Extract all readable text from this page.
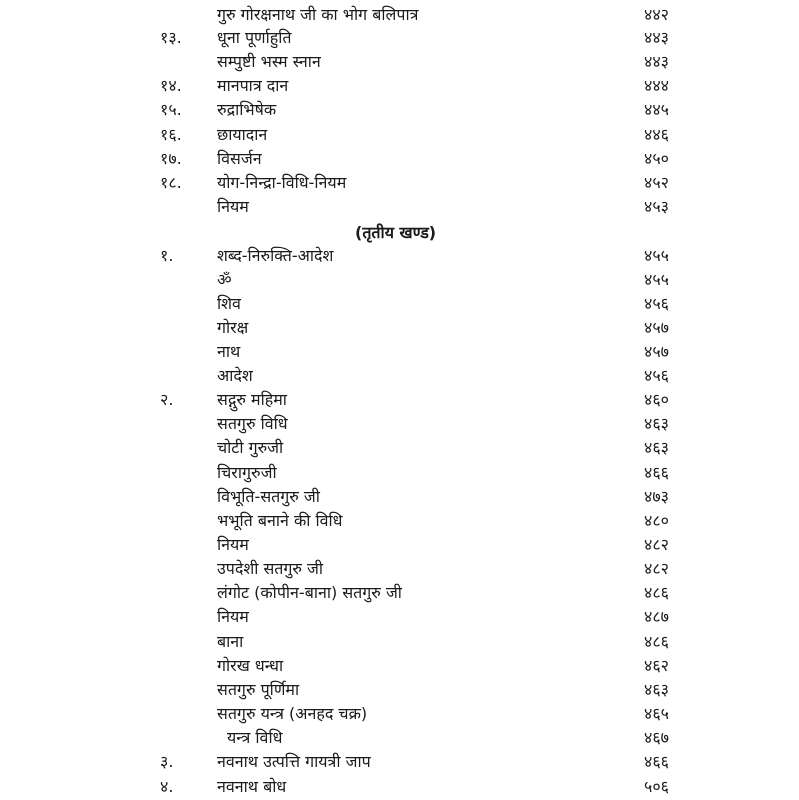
गुरु गोरक्षनाथ जी का भोग बलिपात्र	४४२
१३. धूना पूर्णाहुति	४४३
सम्पुष्टी भस्म स्नान	४४३
१४. मानपात्र दान	४४४
१५. रुद्राभिषेक	४४५
१६. छायादान	४४६
१७. विसर्जन	४५०
१८. योग-निन्द्रा-विधि-नियम	४५२
नियम	४५३
(तृतीय खण्ड)
१.	शब्द-निरुक्ति-आदेश	४५५
ॐ	४५५
शिव	४५६
गोरक्ष	४५७
नाथ	४५७
आदेश	४५६
२.	सद्गुरु महिमा	४६०
सतगुरु विधि	४६३
चोटी गुरुजी	४६३
चिरागुरुजी	४६६
विभूति-सतगुरु जी	४७३
भभूति बनाने की विधि	४८०
नियम	४८२
उपदेशी सतगुरु जी	४८२
लंगोट (कोपीन-बाना) सतगुरु जी	४८६
नियम	४८७
बाना	४८६
गोरख धन्धा	४६२
सतगुरु पूर्णिमा	४६३
सतगुरु यन्त्र (अनहद चक्र)	४६५
यन्त्र विधि	४६७
३.	नवनाथ उत्पत्ति गायत्री जाप	४६६
४.	नवनाथ बोध	५०६
